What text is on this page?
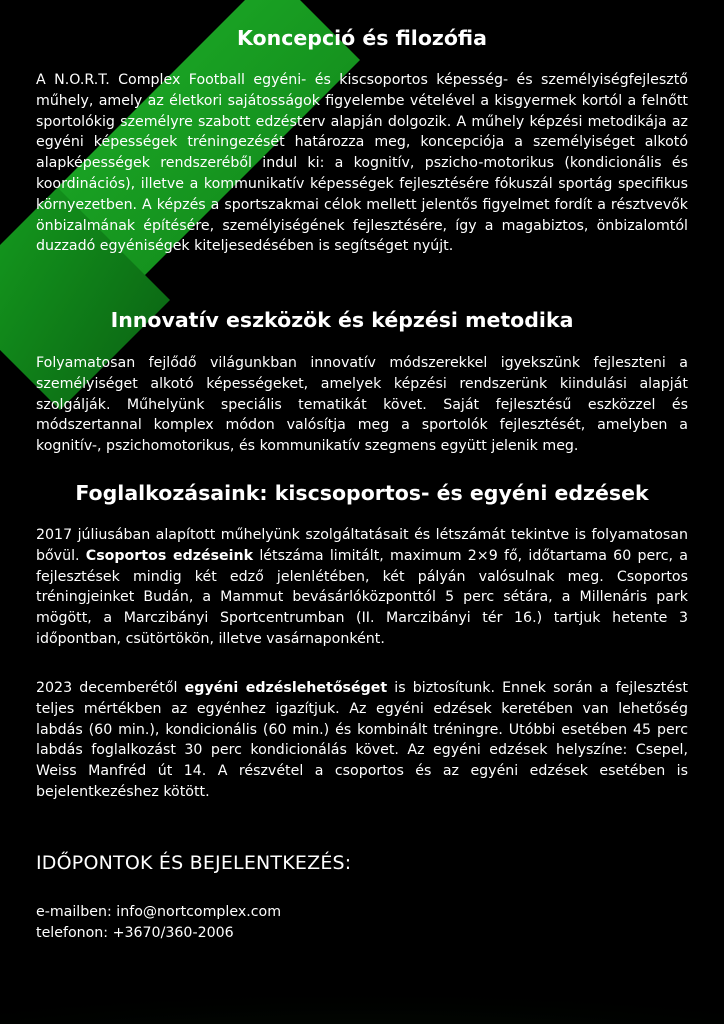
Koncepció és filozófia

A N.O.R.T. Complex Football egyéni- és kiscsoportos képesség- és személyiségfejlesztő műhely, amely az életkori sajátosságok figyelembe vételével a kisgyermek kortól a felnőtt sportolókig személyre szabott edzésterv alapján dolgozik. A műhely képzési metodikája az egyéni képességek tréningezését határozza meg, koncepciója a személyiséget alkotó alapképességek rendszeréből indul ki: a kognitív, pszicho-motorikus (kondicionális és koordinációs), illetve a kommunikatív képességek fejlesztésére fókuszál sportág specifikus környezetben. A képzés a sportszakmai célok mellett jelentős figyelmet fordít a résztvevők önbizalmának építésére, személyiségének fejlesztésére, így a magabiztos, önbizalomtól duzzadó egyéniségek kiteljesedésében is segítséget nyújt.

Innovatív eszközök és képzési metodika

Folyamatosan fejlődő világunkban innovatív módszerekkel igyekszünk fejleszteni a személyiséget alkotó képességeket, amelyek képzési rendszerünk kiindulási alapját szolgálják. Műhelyünk speciális tematikát követ. Saját fejlesztésű eszközzel és módszertannal komplex módon valósítja meg a sportolók fejlesztését, amelyben a kognitív-, pszichomotorikus, és kommunikatív szegmens együtt jelenik meg.

Foglalkozásaink: kiscsoportos- és egyéni edzések

2017 júliusában alapított műhelyünk szolgáltatásait és létszámát tekintve is folyamatosan bővül. Csoportos edzéseink létszáma limitált, maximum 2×9 fő, időtartama 60 perc, a fejlesztések mindig két edző jelenlétében, két pályán valósulnak meg. Csoportos tréningjeinket Budán, a Mammut bevásárlóközponttól 5 perc sétára, a Millenáris park mögött, a Marczibányi Sportcentrumban (II. Marczibányi tér 16.) tartjuk hetente 3 időpontban, csütörtökön, illetve vasárnaponként.

2023 decemberétől egyéni edzéslehetőséget is biztosítunk. Ennek során a fejlesztést teljes mértékben az egyénhez igazítjuk. Az egyéni edzések keretében van lehetőség labdás (60 min.), kondicionális (60 min.) és kombinált tréningre. Utóbbi esetében 45 perc labdás foglalkozást 30 perc kondicionálás követ. Az egyéni edzések helyszíne: Csepel, Weiss Manfréd út 14. A részvétel a csoportos és az egyéni edzések esetében is bejelentkezéshez kötött.

IDŐPONTOK ÉS BEJELENTKEZÉS:
e-mailben: info@nortcomplex.com
telefonon: +3670/360-2006
